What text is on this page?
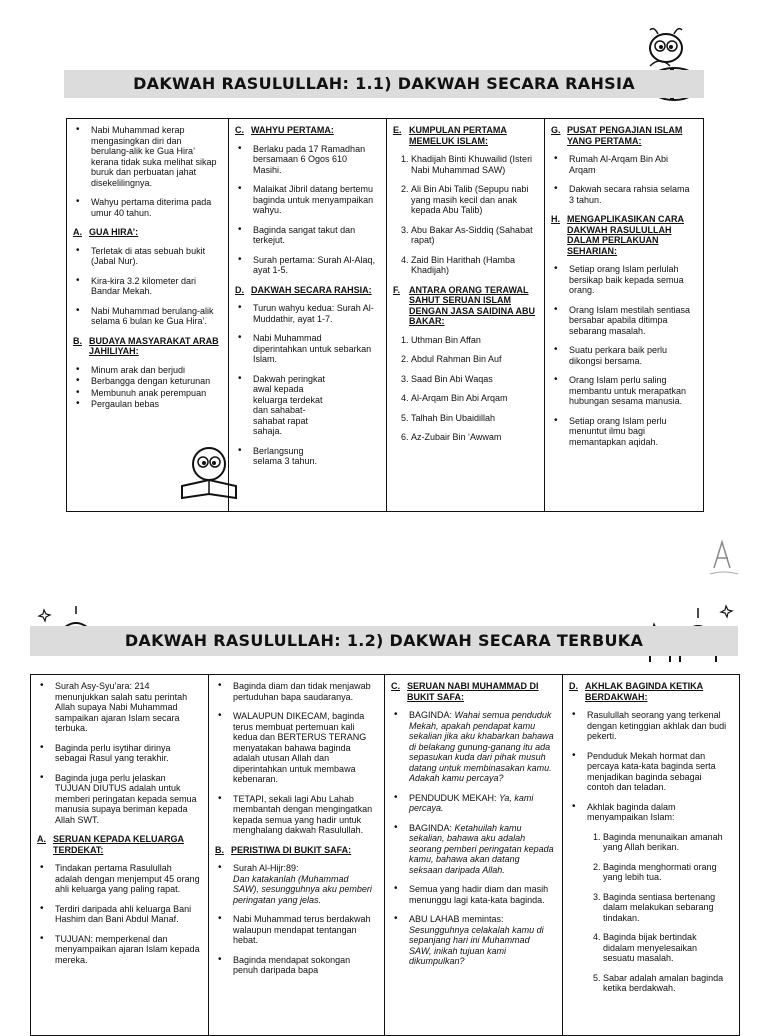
DAKWAH RASULULLAH: 1.1) DAKWAH SECARA RAHSIA
• Nabi Muhammad kerap mengasingkan diri dan berulang-alik ke Gua Hira’ kerana tidak suka melihat sikap buruk dan perbuatan jahat disekelilingnya.
• Wahyu pertama diterima pada umur 40 tahun.
A. GUA HIRA’:
• Terletak di atas sebuah bukit (Jabal Nur).
• Kira-kira 3.2 kilometer dari Bandar Mekah.
• Nabi Muhammad berulang-alik selama 6 bulan ke Gua Hira’.
B. BUDAYA MASYARAKAT ARAB JAHILIYAH:
• Minum arak dan berjudi
• Berbangga dengan keturunan
• Membunuh anak perempuan
• Pergaulan bebas
C. WAHYU PERTAMA:
• Berlaku pada 17 Ramadhan bersamaan 6 Ogos 610 Masihi.
• Malaikat Jibril datang bertemu baginda untuk menyampaikan wahyu.
• Baginda sangat takut dan terkejut.
• Surah pertama: Surah Al-Alaq, ayat 1-5.
D. DAKWAH SECARA RAHSIA:
• Turun wahyu kedua: Surah Al-Muddathir, ayat 1-7.
• Nabi Muhammad diperintahkan untuk sebarkan Islam.
• Dakwah peringkat awal kepada keluarga terdekat dan sahabat-sahabat rapat sahaja.
• Berlangsung selama 3 tahun.
E. KUMPULAN PERTAMA MEMELUK ISLAM:
1. Khadijah Binti Khuwailid (Isteri Nabi Muhammad SAW)
2. Ali Bin Abi Talib (Sepupu nabi yang masih kecil dan anak kepada Abu Talib)
3. Abu Bakar As-Siddiq (Sahabat rapat)
4. Zaid Bin Harithah (Hamba Khadijah)
F. ANTARA ORANG TERAWAL SAHUT SERUAN ISLAM DENGAN JASA SAIDINA ABU BAKAR:
1. Uthman Bin Affan
2. Abdul Rahman Bin Auf
3. Saad Bin Abi Waqas
4. Al-Arqam Bin Abi Arqam
5. Talhah Bin Ubaidillah
6. Az-Zubair Bin ‘Awwam
G. PUSAT PENGAJIAN ISLAM YANG PERTAMA:
• Rumah Al-Arqam Bin Abi Arqam
• Dakwah secara rahsia selama 3 tahun.
H. MENGAPLIKASIKAN CARA DAKWAH RASULULLAH DALAM PERLAKUAN SEHARIAN:
• Setiap orang Islam perlulah bersikap baik kepada semua orang.
• Orang Islam mestilah sentiasa bersabar apabila ditimpa sebarang masalah.
• Suatu perkara baik perlu dikongsi bersama.
• Orang Islam perlu saling membantu untuk merapatkan hubungan sesama manusia.
• Setiap orang Islam perlu menuntut ilmu bagi memantapkan aqidah.
DAKWAH RASULULLAH: 1.2) DAKWAH SECARA TERBUKA
• Surah Asy-Syu’ara: 214 menunjukkan salah satu perintah Allah supaya Nabi Muhammad sampaikan ajaran Islam secara terbuka.
• Baginda perlu isytihar dirinya sebagai Rasul yang terakhir.
• Baginda juga perlu jelaskan TUJUAN DIUTUS adalah untuk memberi peringatan kepada semua manusia supaya beriman kepada Allah SWT.
A. SERUAN KEPADA KELUARGA TERDEKAT:
• Tindakan pertama Rasulullah adalah dengan menjemput 45 orang ahli keluarga yang paling rapat.
• Terdiri daripada ahli keluarga Bani Hashim dan Bani Abdul Manaf.
• TUJUAN: memperkenal dan menyampaikan ajaran Islam kepada mereka.
• Baginda diam dan tidak menjawab pertuduhan bapa saudaranya.
• WALAUPUN DIKECAM, baginda terus membuat pertemuan kali kedua dan BERTERUS TERANG menyatakan bahawa baginda adalah utusan Allah dan diperintahkan untuk membawa kebenaran.
• TETAPI, sekali lagi Abu Lahab membantah dengan mengingatkan kepada semua yang hadir untuk menghalang dakwah Rasulullah.
B. PERISTIWA DI BUKIT SAFA:
• Surah Al-Hijr:89:
Dan katakanlah (Muhammad SAW), sesungguhnya aku pemberi peringatan yang jelas.
• Nabi Muhammad terus berdakwah walaupun mendapat tentangan hebat.
• Baginda mendapat sokongan penuh daripada bapa
C. SERUAN NABI MUHAMMAD DI BUKIT SAFA:
• BAGINDA: Wahai semua penduduk Mekah, apakah pendapat kamu sekalian jika aku khabarkan bahawa di belakang gunung-ganang itu ada sepasukan kuda dari pihak musuh datang untuk membinasakan kamu. Adakah kamu percaya?
• PENDUDUK MEKAH: Ya, kami percaya.
• BAGINDA: Ketahuilah kamu sekalian, bahawa aku adalah seorang pemberi peringatan kepada kamu, bahawa akan datang seksaan daripada Allah.
• Semua yang hadir diam dan masih menunggu lagi kata-kata baginda.
• ABU LAHAB memintas: Sesungguhnya celakalah kamu di sepanjang hari ini Muhammad SAW, inikah tujuan kami dikumpulkan?
D. AKHLAK BAGINDA KETIKA BERDAKWAH:
• Rasulullah seorang yang terkenal dengan ketinggian akhlak dan budi pekerti.
• Penduduk Mekah hormat dan percaya kata-kata baginda serta menjadikan baginda sebagai contoh dan teladan.
• Akhlak baginda dalam menyampaikan Islam:
1. Baginda menunaikan amanah yang Allah berikan.
2. Baginda menghormati orang yang lebih tua.
3. Baginda sentiasa bertenang dalam melakukan sebarang tindakan.
4. Baginda bijak bertindak didalam menyelesaikan sesuatu masalah.
5. Sabar adalah amalan baginda ketika berdakwah.
